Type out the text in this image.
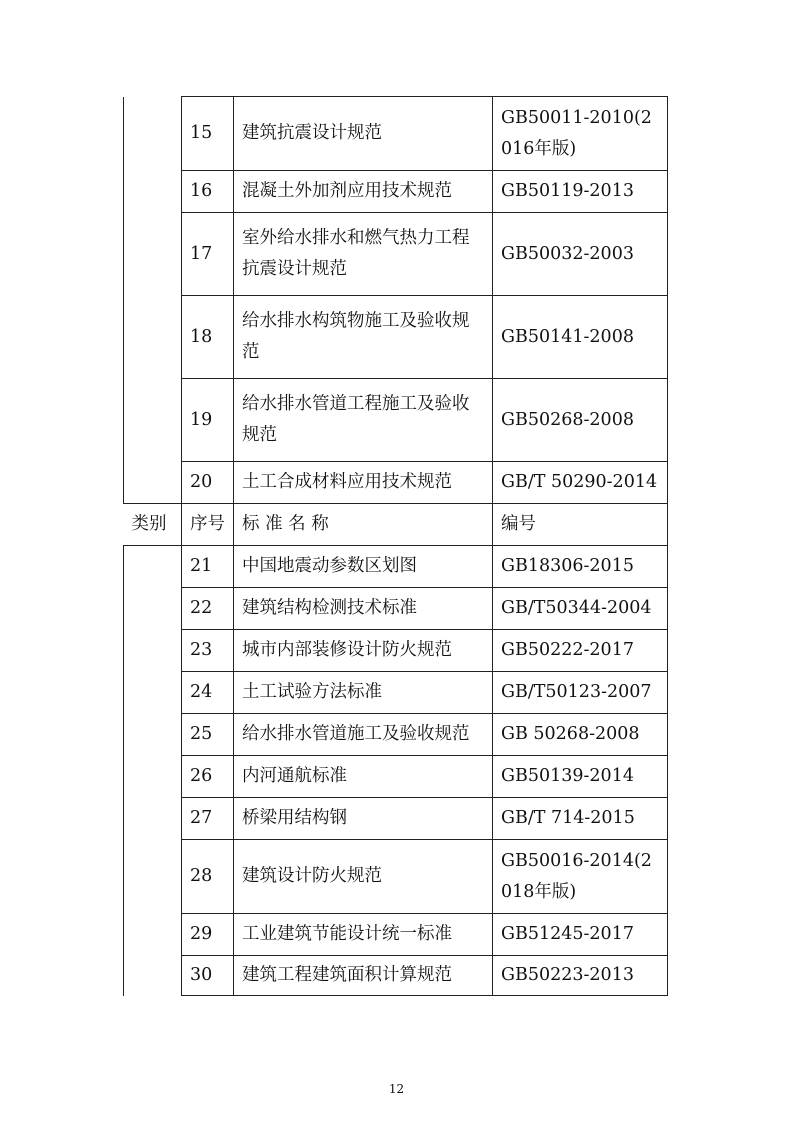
	15	建筑抗震设计规范	GB50011-2010(2016年版)
	16	混凝土外加剂应用技术规范	GB50119-2013
	17	室外给水排水和燃气热力工程抗震设计规范	GB50032-2003
	18	给水排水构筑物施工及验收规范	GB50141-2008
	19	给水排水管道工程施工及验收规范	GB50268-2008
	20	土工合成材料应用技术规范	GB/T 50290-2014
类别	序号	标 准 名 称	编号
	21	中国地震动参数区划图	GB18306-2015
	22	建筑结构检测技术标准	GB/T50344-2004
	23	城市内部装修设计防火规范	GB50222-2017
	24	土工试验方法标准	GB/T50123-2007
	25	给水排水管道施工及验收规范	GB 50268-2008
	26	内河通航标准	GB50139-2014
	27	桥梁用结构钢	GB/T 714-2015
	28	建筑设计防火规范	GB50016-2014(2018年版)
	29	工业建筑节能设计统一标准	GB51245-2017
	30	建筑工程建筑面积计算规范	GB50223-2013
12
